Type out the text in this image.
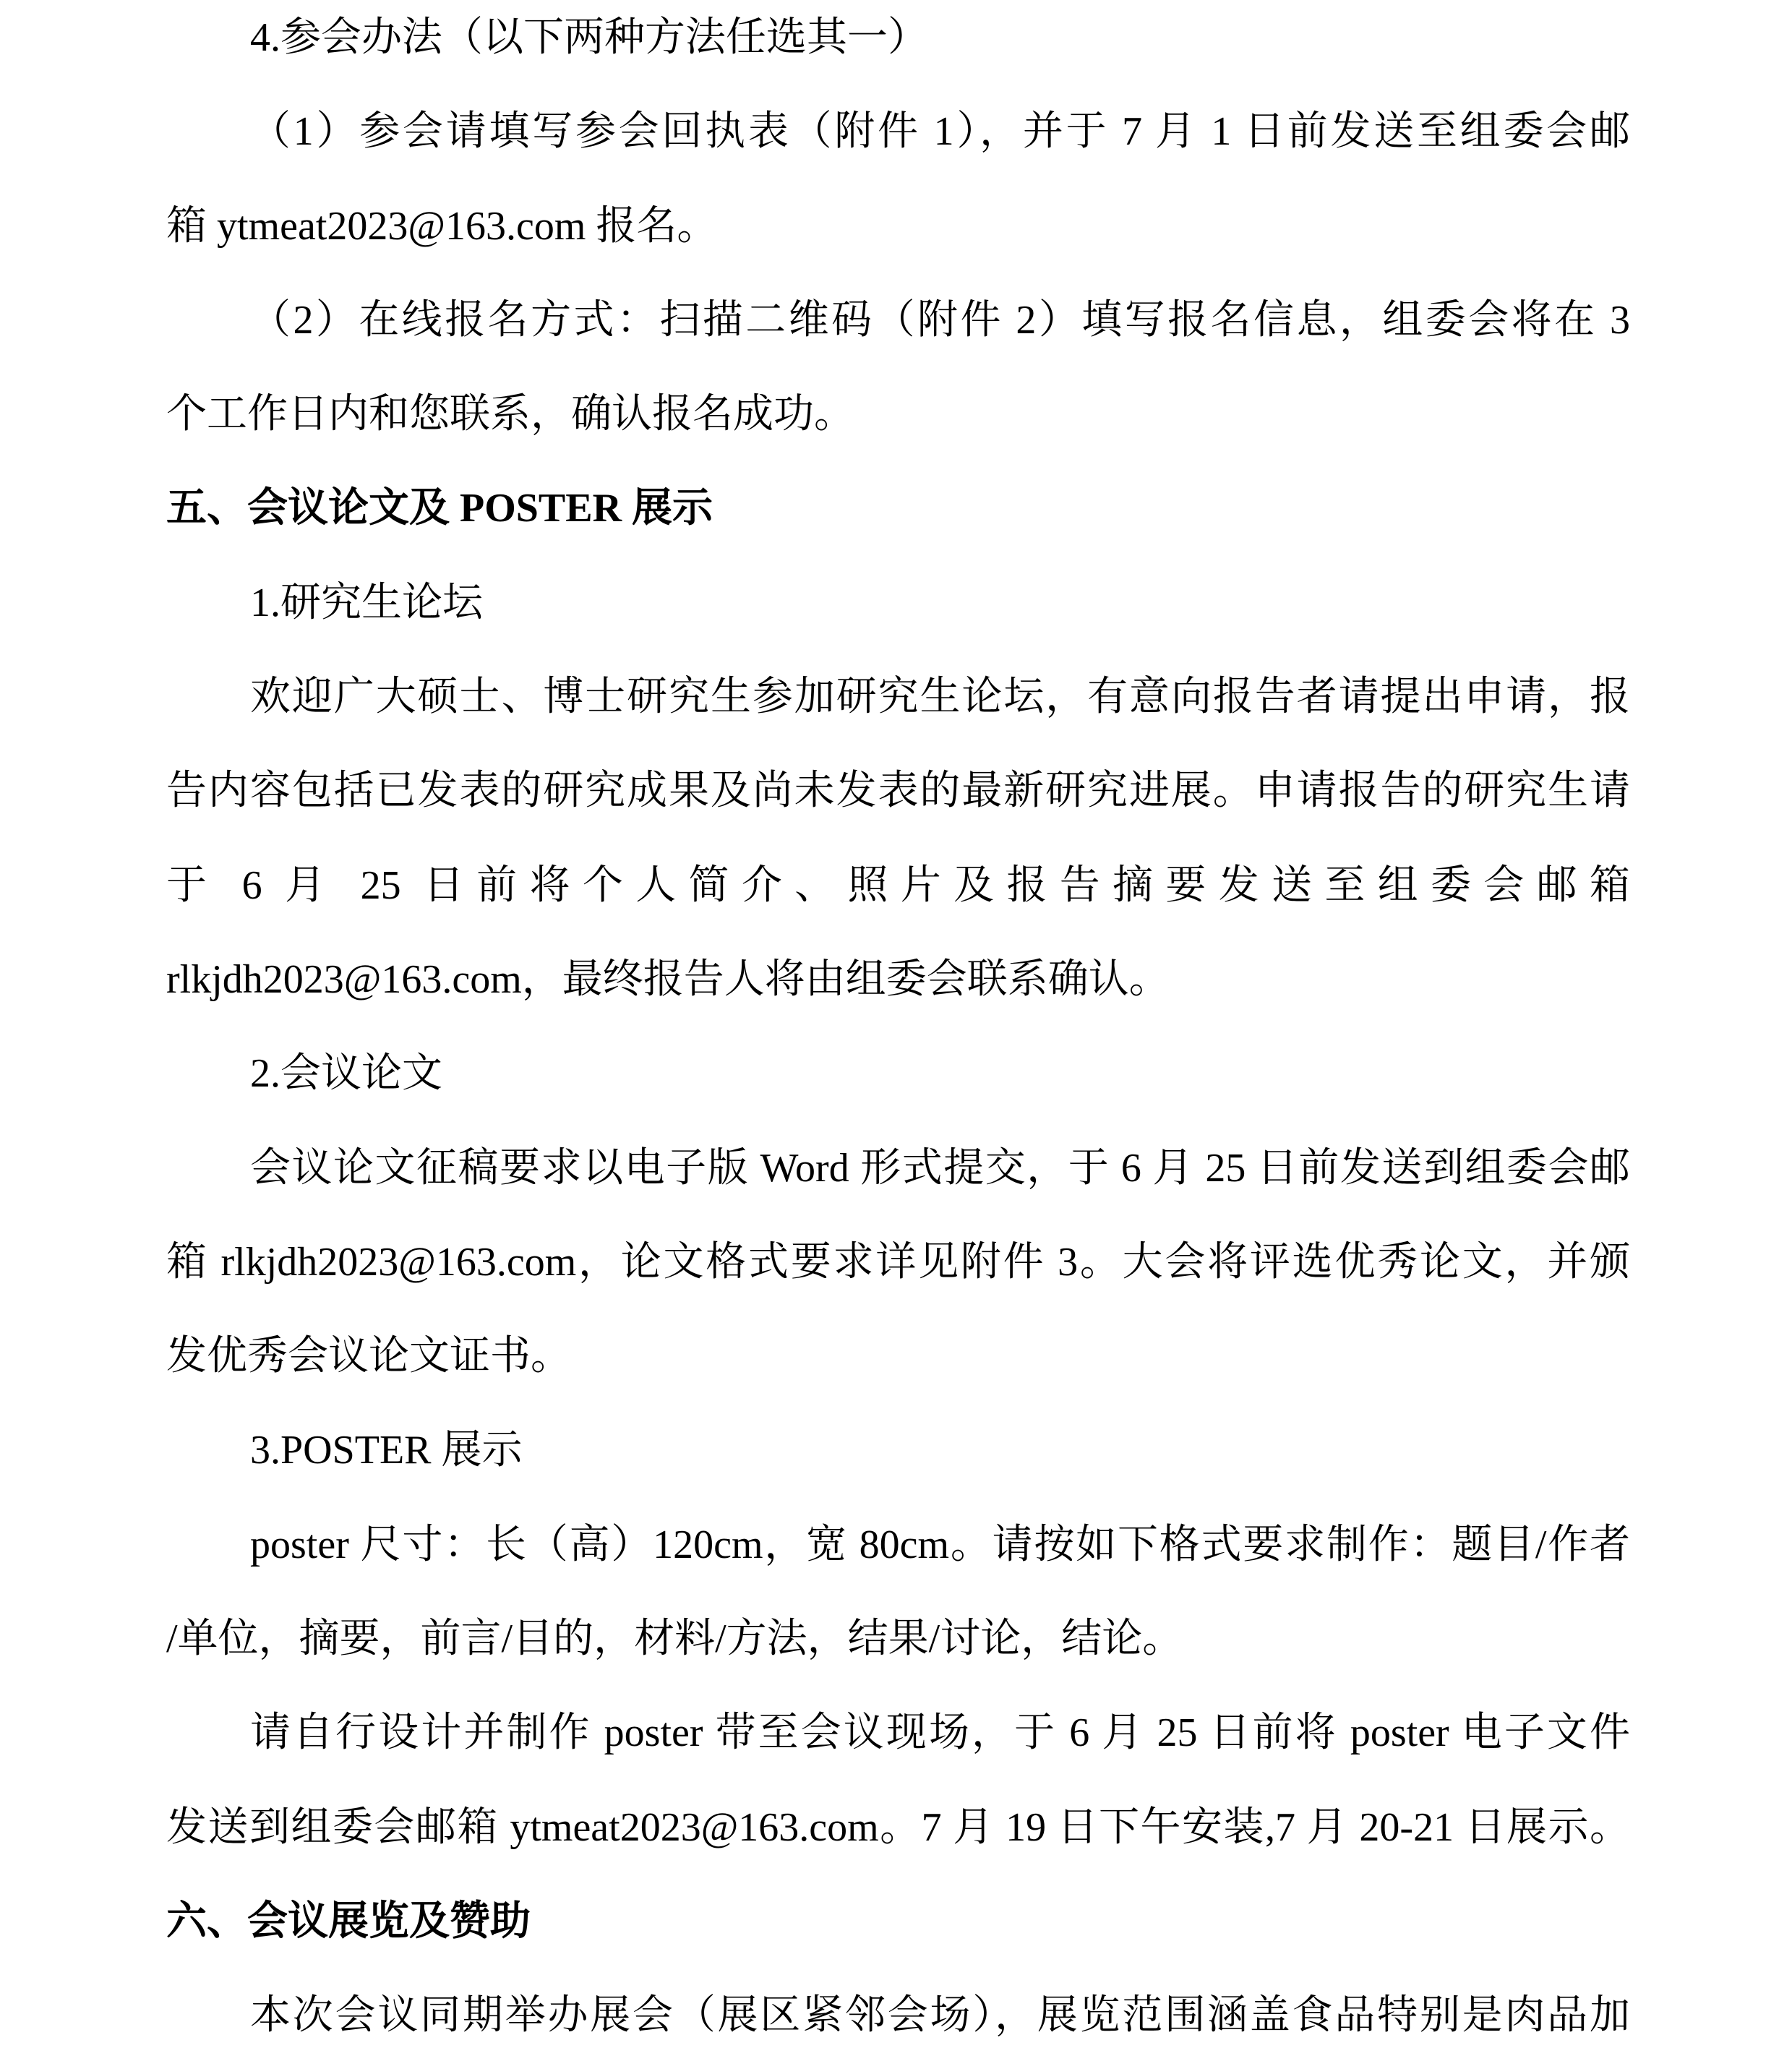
4.参会办法（以下两种方法任选其一）
（1）参会请填写参会回执表（附件 1），并于 7 月 1 日前发送至组委会邮
箱 ytmeat2023@163.com 报名。
（2）在线报名方式：扫描二维码（附件 2）填写报名信息，组委会将在 3
个工作日内和您联系，确认报名成功。
五、会议论文及 POSTER 展示
1.研究生论坛
欢迎广大硕士、博士研究生参加研究生论坛，有意向报告者请提出申请，报
告内容包括已发表的研究成果及尚未发表的最新研究进展。申请报告的研究生请
于 6 月 25 日前将个人简介、照片及报告摘要发送至组委会邮箱
rlkjdh2023@163.com，最终报告人将由组委会联系确认。
2.会议论文
会议论文征稿要求以电子版 Word 形式提交，于 6 月 25 日前发送到组委会邮
箱 rlkjdh2023@163.com，论文格式要求详见附件 3。大会将评选优秀论文，并颁
发优秀会议论文证书。
3.POSTER 展示
poster 尺寸：长（高）120cm，宽 80cm。请按如下格式要求制作：题目/作者
/单位，摘要，前言/目的，材料/方法，结果/讨论，结论。
请自行设计并制作 poster 带至会议现场，于 6 月 25 日前将 poster 电子文件
发送到组委会邮箱 ytmeat2023@163.com。7 月 19 日下午安装,7 月 20-21 日展示。
六、会议展览及赞助
本次会议同期举办展会（展区紧邻会场），展览范围涵盖食品特别是肉品加
